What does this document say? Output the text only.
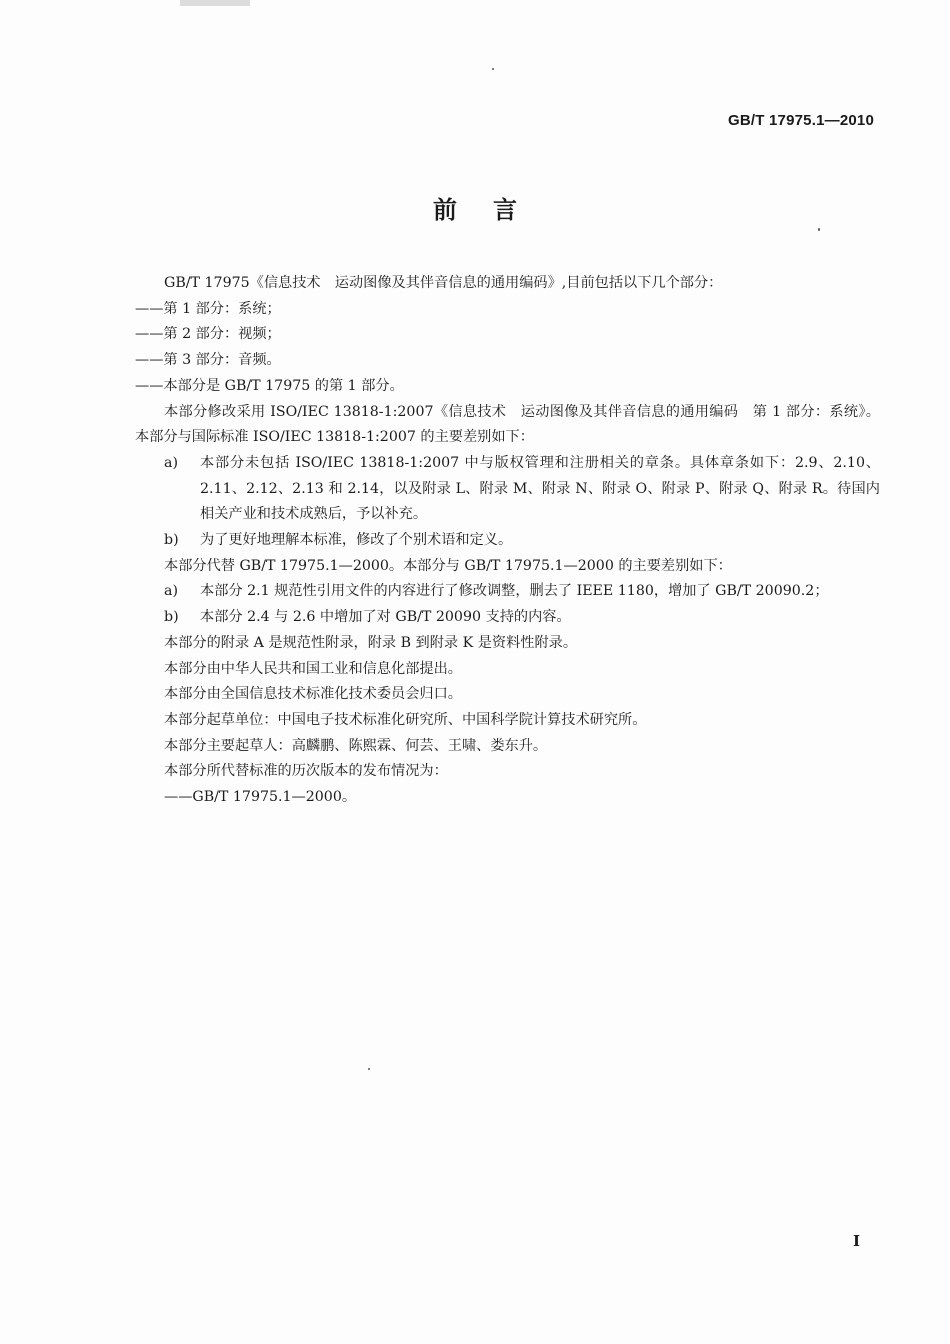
GB/T 17975.1—2010
前 言

GB/T 17975《信息技术　运动图像及其伴音信息的通用编码》,目前包括以下几个部分：

——第 1 部分：系统；

——第 2 部分：视频；

——第 3 部分：音频。

——本部分是 GB/T 17975 的第 1 部分。

本部分修改采用 ISO/IEC 13818-1:2007《信息技术　运动图像及其伴音信息的通用编码　第 1 部分：系统》。本部分与国际标准 ISO/IEC 13818-1:2007 的主要差别如下：

a)	本部分未包括 ISO/IEC 13818-1:2007 中与版权管理和注册相关的章条。具体章条如下：2.9、2.10、2.11、2.12、2.13 和 2.14，以及附录 L、附录 M、附录 N、附录 O、附录 P、附录 Q、附录 R。待国内相关产业和技术成熟后，予以补充。
b)	为了更好地理解本标准，修改了个别术语和定义。

本部分代替 GB/T 17975.1—2000。本部分与 GB/T 17975.1—2000 的主要差别如下：

a)	本部分 2.1 规范性引用文件的内容进行了修改调整，删去了 IEEE 1180，增加了 GB/T 20090.2；
b)	本部分 2.4 与 2.6 中增加了对 GB/T 20090 支持的内容。

本部分的附录 A 是规范性附录，附录 B 到附录 K 是资料性附录。

本部分由中华人民共和国工业和信息化部提出。

本部分由全国信息技术标准化技术委员会归口。

本部分起草单位：中国电子技术标准化研究所、中国科学院计算技术研究所。

本部分主要起草人：高麟鹏、陈熙霖、何芸、王啸、娄东升。

本部分所代替标准的历次版本的发布情况为：

——GB/T 17975.1—2000。

I
